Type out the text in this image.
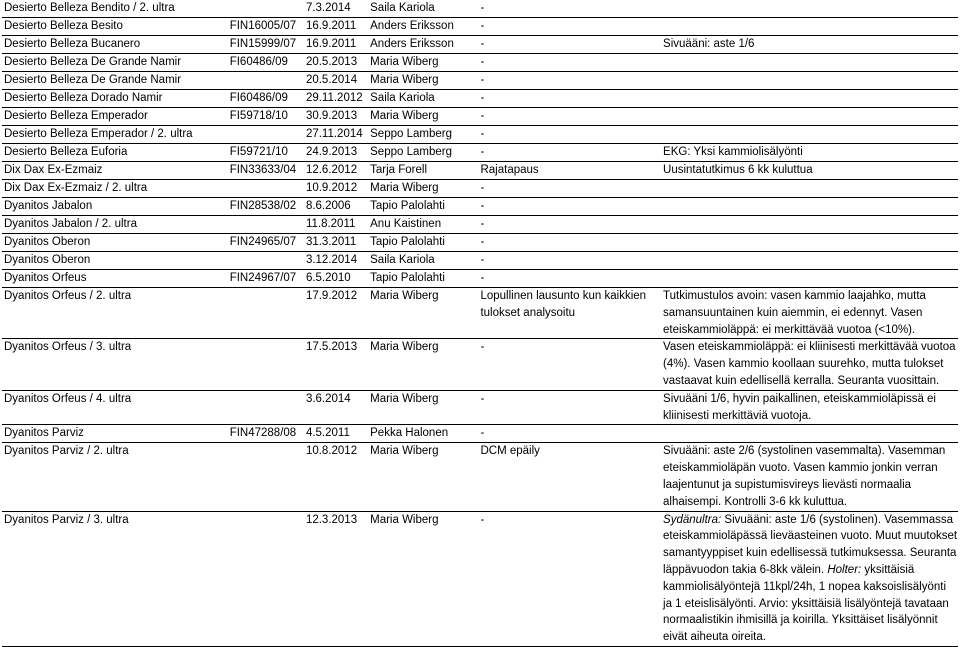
Desierto Belleza Bendito / 2. ultra		7.3.2014	Saila Kariola	-	
Desierto Belleza Besito	FIN16005/07	16.9.2011	Anders Eriksson	-	
Desierto Belleza Bucanero	FIN15999/07	16.9.2011	Anders Eriksson	-	Sivuääni: aste 1/6
Desierto Belleza De Grande Namir	FI60486/09	20.5.2013	Maria Wiberg	-	
Desierto Belleza De Grande Namir		20.5.2014	Maria Wiberg	-	
Desierto Belleza Dorado Namir	FI60486/09	29.11.2012	Saila Kariola	-	
Desierto Belleza Emperador	FI59718/10	30.9.2013	Maria Wiberg	-	
Desierto Belleza Emperador / 2. ultra		27.11.2014	Seppo Lamberg	-	
Desierto Belleza Euforia	FI59721/10	24.9.2013	Seppo Lamberg	-	EKG: Yksi kammiolisälyönti
Dix Dax Ex-Ezmaiz	FIN33633/04	12.6.2012	Tarja Forell	Rajatapaus	Uusintatutkimus 6 kk kuluttua
Dix Dax Ex-Ezmaiz / 2. ultra		10.9.2012	Maria Wiberg	-	
Dyanitos Jabalon	FIN28538/02	8.6.2006	Tapio Palolahti	-	
Dyanitos Jabalon / 2. ultra		11.8.2011	Anu Kaistinen	-	
Dyanitos Oberon	FIN24965/07	31.3.2011	Tapio Palolahti	-	
Dyanitos Oberon		3.12.2014	Saila Kariola	-	
Dyanitos Orfeus	FIN24967/07	6.5.2010	Tapio Palolahti	-	
Dyanitos Orfeus / 2. ultra		17.9.2012	Maria Wiberg	Lopullinen lausunto kun kaikkien tulokset analysoitu	Tutkimustulos avoin: vasen kammio laajahko, mutta samansuuntainen kuin aiemmin, ei edennyt. Vasen eteiskammioläppä: ei merkittävää vuotoa (<10%).
Dyanitos Orfeus / 3. ultra		17.5.2013	Maria Wiberg	-	Vasen eteiskammioläppä: ei kliinisesti merkittävää vuotoa (4%). Vasen kammio koollaan suurehko, mutta tulokset vastaavat kuin edellisellä kerralla. Seuranta vuosittain.
Dyanitos Orfeus / 4. ultra		3.6.2014	Maria Wiberg	-	Sivuääni 1/6, hyvin paikallinen, eteiskammioläpissä ei kliinisesti merkittäviä vuotoja.
Dyanitos Parviz	FIN47288/08	4.5.2011	Pekka Halonen	-	
Dyanitos Parviz / 2. ultra		10.8.2012	Maria Wiberg	DCM epäily	Sivuääni: aste 2/6 (systolinen vasemmalta). Vasemman eteiskammioläpän vuoto. Vasen kammio jonkin verran laajentunut ja supistumisvireys lievästi normaalia alhaisempi. Kontrolli 3-6 kk kuluttua.
Dyanitos Parviz / 3. ultra		12.3.2013	Maria Wiberg	-	Sydänultra: Sivuääni: aste 1/6 (systolinen). Vasemmassa eteiskammioläpässä lieväasteinen vuoto. Muut muutokset samantyyppiset kuin edellisessä tutkimuksessa. Seuranta läppävuodon takia 6-8kk välein. Holter: yksittäisiä kammiolisälyöntejä 11kpl/24h, 1 nopea kaksoislisälyönti ja 1 eteislisälyönti. Arvio: yksittäisiä lisälyöntejä tavataan normaalistikin ihmisillä ja koirilla. Yksittäiset lisälyönnit eivät aiheuta oireita.
